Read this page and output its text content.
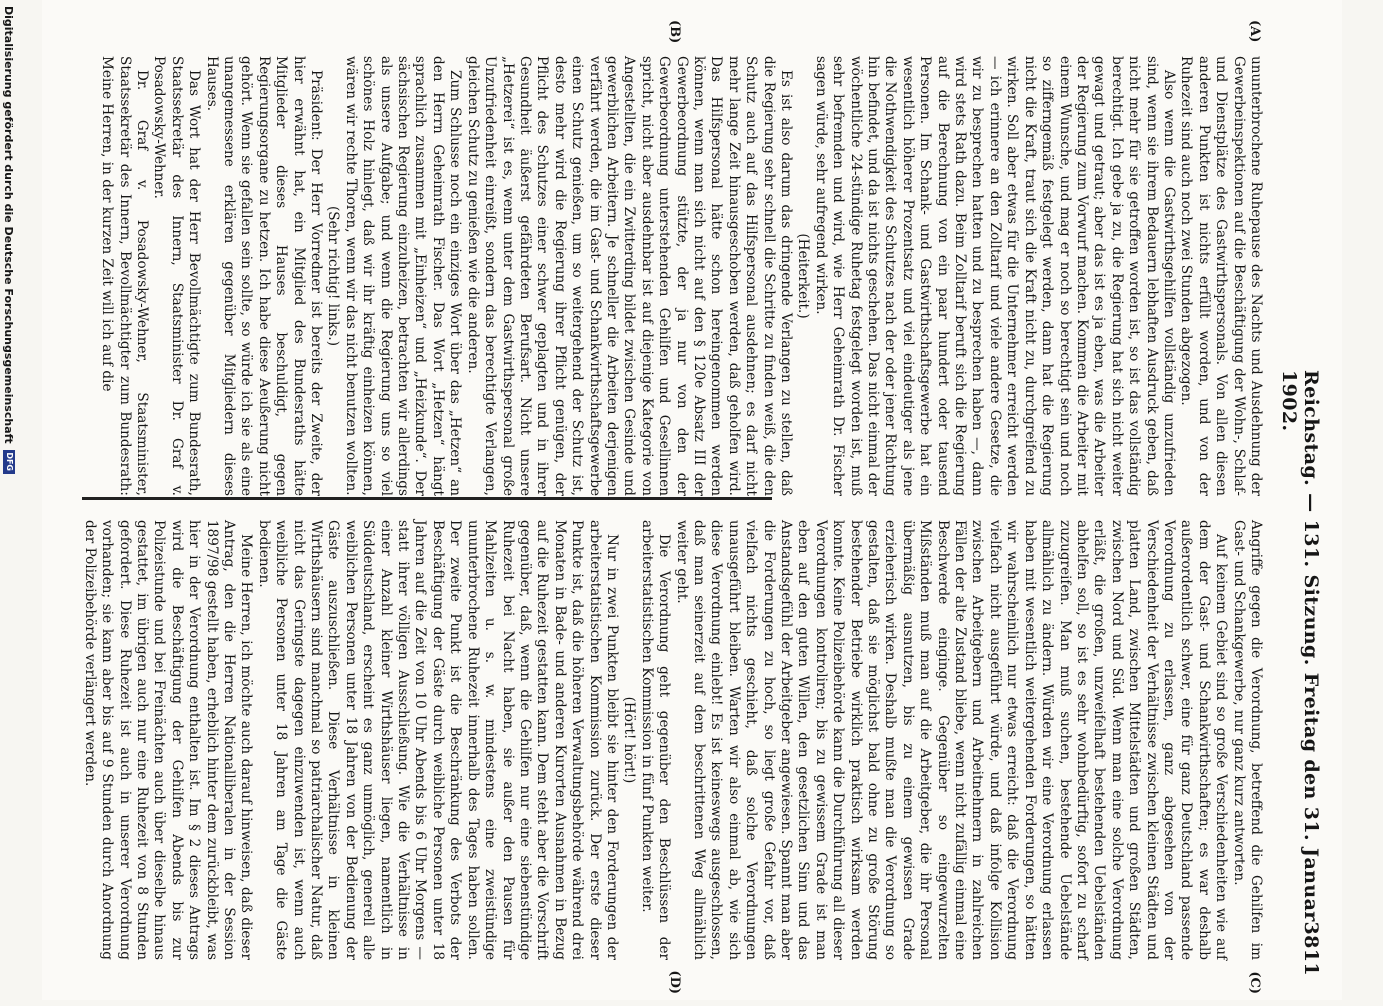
Reichstag. — 131. Sitzung. Freitag den 31. Januar 1902.
3811
(A)
(B)
(C)
(D)

ununterbrochene Ruhepause des Nachts und Ausdehnung der Gewerbeinspektionen auf die Beschäftigung der Wohn-, Schlaf- und Dienstplätze des Gastwirthspersonals. Von allen diesen anderen Punkten ist nichts erfüllt worden, und von der Ruhezeit sind auch noch zwei Stunden abgezogen.

Also wenn die Gastwirthsgehilfen vollständig unzufrieden sind, wenn sie ihrem Bedauern lebhaften Ausdruck geben, daß nicht mehr für sie getroffen worden ist, so ist das vollständig berechtigt. Ich gebe ja zu, die Regierung hat sich nicht weiter gewagt und getraut; aber das ist es ja eben, was die Arbeiter der Regierung zum Vorwurf machen. Kommen die Arbeiter mit einem Wunsche, und mag er noch so berechtigt sein und noch so zifferngemäß festgelegt werden, dann hat die Regierung nicht die Kraft, traut sich die Kraft nicht zu, durchgreifend zu wirken. Soll aber etwas für die Unternehmer erreicht werden — ich erinnere an den Zolltarif und viele andere Gesetze, die wir zu besprechen hatten und zu besprechen haben —, dann wird stets Rath dazu. Beim Zolltarif beruft sich die Regierung auf die Berechnung von ein paar hundert oder tausend Personen. Im Schank- und Gastwirthschaftsgewerbe hat ein wesentlich höherer Prozentsatz und viel eindeutiger als jene die Nothwendigkeit des Schutzes nach der oder jener Richtung hin befindet, und da ist nichts geschehen. Das nicht einmal der wöchentliche 24-stündige Ruhetag festgelegt worden ist, muß sehr befremden und wird, wie Herr Geheimrath Dr. Fischer sagen würde, sehr aufregend wirken.

(Heiterkeit.)

Es ist also darum das dringende Verlangen zu stellen, daß die Regierung sehr schnell die Schritte zu finden weiß, die den Schutz auch auf das Hilfspersonal ausdehnen; es darf nicht mehr lange Zeit hinausgeschoben werden, daß geholfen wird. Das Hilfspersonal hätte schon hereingenommen werden können, wenn man sich nicht auf den § 120e Absatz III der Gewerbeordnung stützte, der ja nur von den der Gewerbeordnung unterstehenden Gehilfen und Gesellinnen spricht, nicht aber ausdehnbar ist auf diejenige Kategorie von Angestellten, die ein Zwitterding bildet zwischen Gesinde und gewerblichen Arbeitern. Je schneller die Arbeiten derjenigen verfährt werden, die im Gast- und Schankwirthschaftsgewerbe einen Schutz genießen, um so weitergehend der Schutz ist, desto mehr wird die Regierung ihrer Pflicht genügen, der Pflicht des Schutzes einer schwer geplagten und in ihrer Gesundheit äußerst gefährdeten Berufsart. Nicht unsere „Hetzerei“ ist es, wenn unter dem Gastwirthspersonal große Unzufriedenheit einreißt, sondern das berechtigte Verlangen, gleichen Schutz zu genießen wie die anderen.

Zum Schlusse noch ein einziges Wort über das „Hetzen“ an den Herrn Geheimrath Fischer. Das Wort „Hetzen“ hängt sprachlich zusammen mit „Einheizen“ und „Heizkunde“. Der sächsischen Regierung einzuheizen, betrachten wir allerdings als unsere Aufgabe; und wenn die Regierung uns so viel schönes Holz hinlegt, daß wir ihr kräftig einheizen können, wären wir rechte Thoren, wenn wir das nicht benutzen wollten.

(Sehr richtig! links.)

Präsident: Der Herr Vorredner ist bereits der Zweite, der hier erwähnt hat, ein Mitglied des Bundesraths hätte Mitglieder dieses Hauses beschuldigt, gegen Regierungsorgane zu hetzen. Ich habe diese Aeußerung nicht gehört. Wenn sie gefallen sein sollte, so würde ich sie als eine unangemessene erklären gegenüber Mitgliedern dieses Hauses.

Das Wort hat der Herr Bevollmächtigte zum Bundesrath, Staatssekretär des Innern, Staatsminister Dr. Graf v. Posadowsky-Wehner.

Dr. Graf v. Posadowsky-Wehner, Staatsminister, Staatssekretär des Innern, Bevollmächtigter zum Bundesrath: Meine Herren, in der kurzen Zeit will ich auf die

Angriffe gegen die Verordnung, betreffend die Gehilfen im Gast- und Schankgewerbe, nur ganz kurz antworten.

Auf keinem Gebiet sind so große Verschiedenheiten wie auf dem der Gast- und Schankwirthschaften; es war deshalb außerordentlich schwer, eine für ganz Deutschland passende Verordnung zu erlassen, ganz abgesehen von der Verschiedenheit der Verhältnisse zwischen kleinen Städten und platten Land, zwischen Mittelstädten und großen Städten, zwischen Nord und Süd. Wenn man eine solche Verordnung erläßt, die großen, unzweifelhaft bestehenden Uebelständen abhelfen soll, so ist es sehr wohnbedürftig, sofort zu scharf zuzugreifen. Man muß suchen, bestehende Uebelstände allmählich zu ändern. Würden wir eine Verordnung erlassen haben mit wesentlich weitergehenden Forderungen, so hätten wir wahrscheinlich nur etwas erreicht: daß die Verordnung vielfach nicht ausgeführt würde, und daß infolge Kollision zwischen Arbeitgebern und Arbeitnehmern in zahlreichen Fällen der alte Zustand bliebe, wenn nicht zufällig einmal eine Beschwerde einginge. Gegenüber so eingewurzelten Mißständen muß man auf die Arbeitgeber, die ihr Personal übermäßig ausnutzen, bis zu einem gewissen Grade erzieherisch wirken. Deshalb mußte man die Verordnung so gestalten, daß sie möglichst bald ohne zu große Störung bestehender Betriebe wirklich praktisch wirksam werden konnte. Keine Polizeibehörde kann die Durchführung all dieser Verordnungen kontroliren; bis zu gewissem Grade ist man eben auf den guten Willen, den gesetzlichen Sinn und das Anstandsgefühl der Arbeitgeber angewiesen. Spannt man aber die Forderungen zu hoch, so liegt große Gefahr vor, daß vielfach nichts geschieht, daß solche Verordnungen unausgeführt bleiben. Warten wir also einmal ab, wie sich diese Verordnung einlebt! Es ist keineswegs ausgeschlossen, daß man seinerzeit auf dem beschrittenen Weg allmählich weiter geht.

Die Verordnung geht gegenüber den Beschlüssen der arbeiterstatistischen Kommission in fünf Punkten weiter.

(Hört! hört!)

Nur in zwei Punkten bleibt sie hinter den Forderungen der arbeiterstatistischen Kommission zurück. Der erste dieser Punkte ist, daß die höheren Verwaltungsbehörde während drei Monaten in Bade- und anderen Kurorten Ausnahmen in Bezug auf die Ruhezeit gestatten kann. Dem steht aber die Vorschrift gegenüber, daß, wenn die Gehilfen nur eine siebenstündige Ruhezeit bei Nacht haben, sie außer den Pausen für Mahlzeiten u. s. w. mindestens eine zweistündige ununterbrochene Ruhezeit innerhalb des Tages haben sollen. Der zweite Punkt ist die Beschränkung des Verbots der Beschäftigung der Gäste durch weibliche Personen unter 18 Jahren auf die Zeit von 10 Uhr Abends bis 6 Uhr Morgens — statt ihrer völligen Ausschließung. Wie die Verhältnisse in einer Anzahl kleiner Wirthshäuser liegen, namentlich in Süddeutschland, erscheint es ganz unmöglich, generell alle weiblichen Personen unter 18 Jahren von der Bedienung der Gäste auszuschließen. Diese Verhältnisse in kleinen Wirthshäusern sind manchmal so patriarchalischer Natur, daß nicht das Geringste dagegen einzuwenden ist, wenn auch weibliche Personen unter 18 Jahren am Tage die Gäste bedienen.

Meine Herren, ich möchte auch darauf hinweisen, daß dieser Antrag, den die Herren Nationalliberalen in der Session 1897/98 gestellt haben, erheblich hinter dem zurückbleibt, was hier in der Verordnung enthalten ist. Im § 2 dieses Antrags wird die Beschäftigung der Gehilfen Abends bis zur Polizeistunde und bei Freinächten auch über dieselbe hinaus gestattet, im übrigen auch nur eine Ruhezeit von 8 Stunden gefordert. Diese Ruhezeit ist auch in unserer Verordnung vorhanden; sie kann aber bis auf 9 Stunden durch Anordnung der Polizeibehörde verlängert werden.

Digitalisierung gefördert durch die Deutsche Forschungsgemeinschaft
DFG
